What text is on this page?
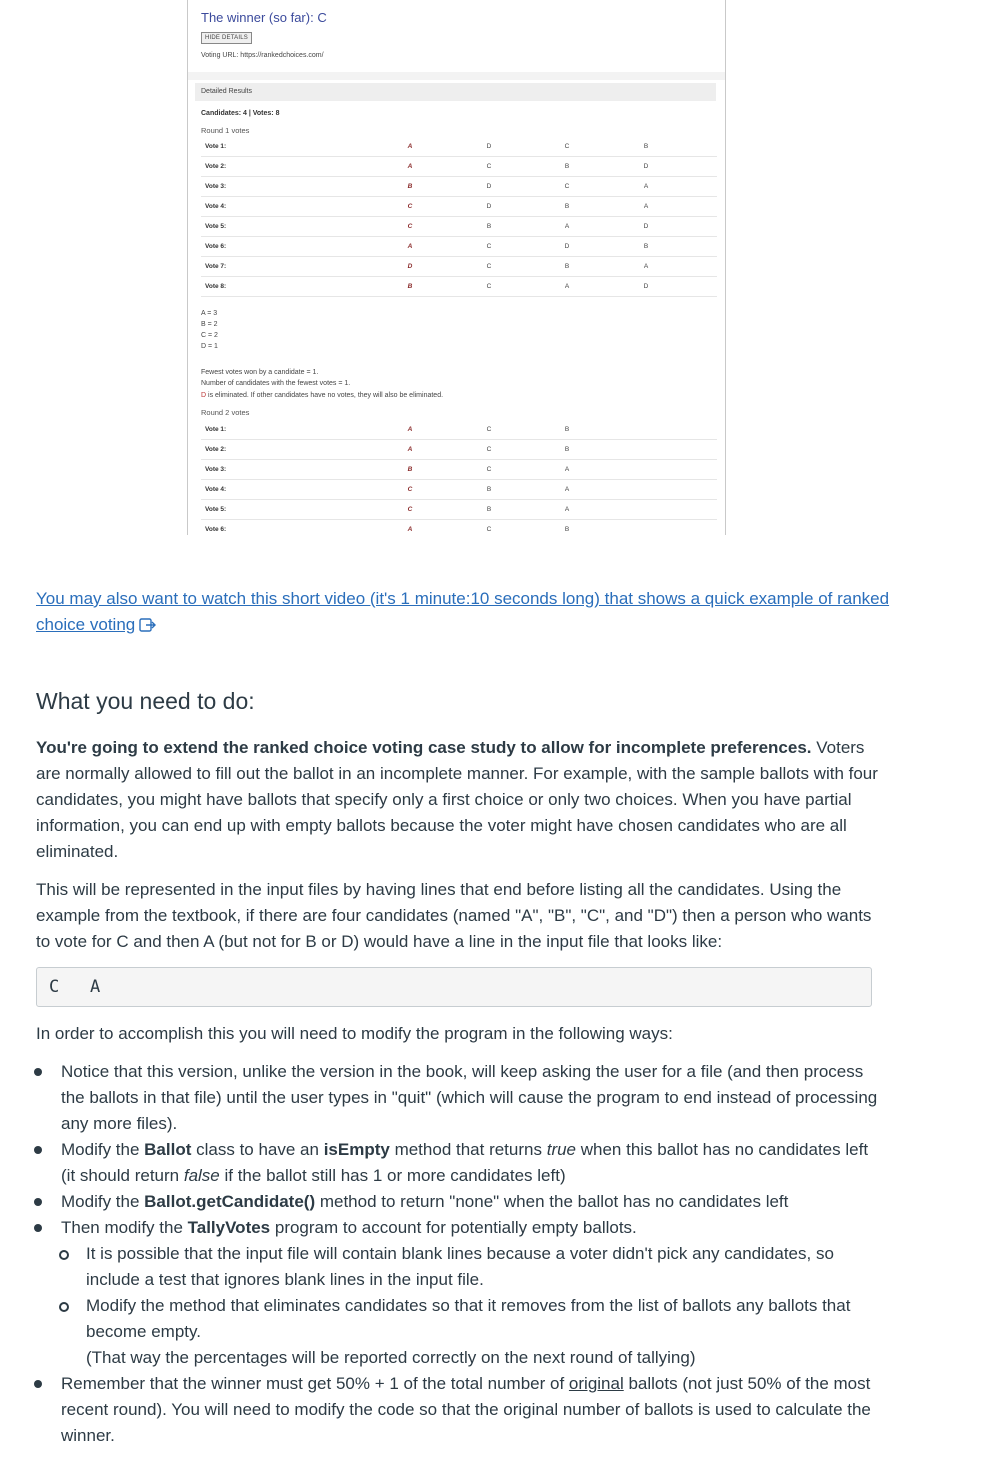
The winner (so far): C
HIDE DETAILS
Voting URL: https://rankedchoices.com/
Detailed Results
Candidates: 4 | Votes: 8
Round 1 votes
Vote 1:	A	D	C	B
Vote 2:	A	C	B	D
Vote 3:	B	D	C	A
Vote 4:	C	D	B	A
Vote 5:	C	B	A	D
Vote 6:	A	C	D	B
Vote 7:	D	C	B	A
Vote 8:	B	C	A	D
A = 3
B = 2
C = 2
D = 1
Fewest votes won by a candidate = 1.
Number of candidates with the fewest votes = 1.
D is eliminated. If other candidates have no votes, they will also be eliminated.
Round 2 votes
Vote 1:	A	C	B
Vote 2:	A	C	B
Vote 3:	B	C	A
Vote 4:	C	B	A
Vote 5:	C	B	A
Vote 6:	A	C	B
You may also want to watch this short video (it's 1 minute:10 seconds long) that shows a quick example of ranked choice voting
What you need to do:

You're going to extend the ranked choice voting case study to allow for incomplete preferences. Voters are normally allowed to fill out the ballot in an incomplete manner. For example, with the sample ballots with four candidates, you might have ballots that specify only a first choice or only two choices. When you have partial information, you can end up with empty ballots because the voter might have chosen candidates who are all eliminated.

This will be represented in the input files by having lines that end before listing all the candidates. Using the example from the textbook, if there are four candidates (named "A", "B", "C", and "D") then a person who wants to vote for C and then A (but not for B or D) would have a line in the input file that looks like:

C   A

In order to accomplish this you will need to modify the program in the following ways:

Notice that this version, unlike the version in the book, will keep asking the user for a file (and then process the ballots in that file) until the user types in "quit" (which will cause the program to end instead of processing any more files).
Modify the Ballot class to have an isEmpty method that returns true when this ballot has no candidates left (it should return false if the ballot still has 1 or more candidates left)
Modify the Ballot.getCandidate() method to return "none" when the ballot has no candidates left
Then modify the TallyVotes program to account for potentially empty ballots.
It is possible that the input file will contain blank lines because a voter didn't pick any candidates, so include a test that ignores blank lines in the input file.
Modify the method that eliminates candidates so that it removes from the list of ballots any ballots that become empty.
(That way the percentages will be reported correctly on the next round of tallying)
Remember that the winner must get 50% + 1 of the total number of original ballots (not just 50% of the most recent round). You will need to modify the code so that the original number of ballots is used to calculate the winner.
